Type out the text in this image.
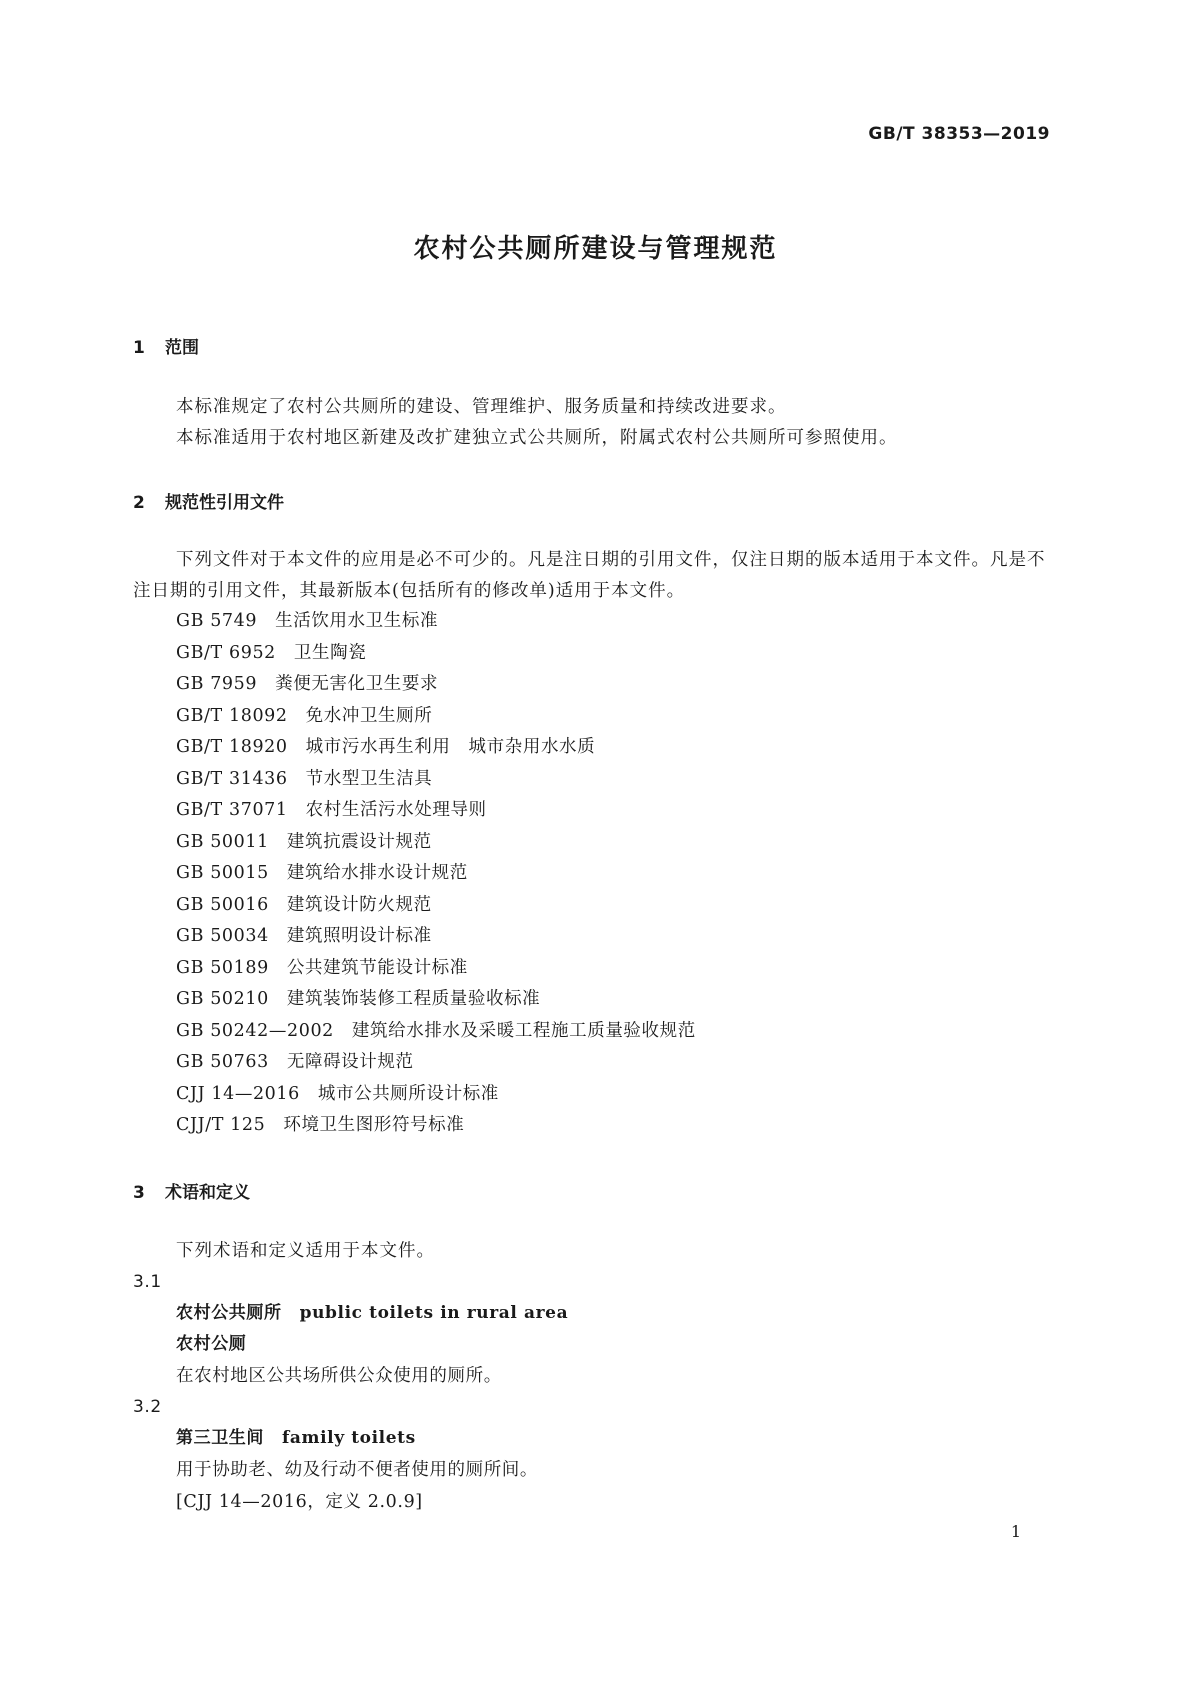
GB/T 38353—2019
农村公共厕所建设与管理规范
1 范围

本标准规定了农村公共厕所的建设、管理维护、服务质量和持续改进要求。

本标准适用于农村地区新建及改扩建独立式公共厕所，附属式农村公共厕所可参照使用。

2 规范性引用文件

下列文件对于本文件的应用是必不可少的。凡是注日期的引用文件，仅注日期的版本适用于本文件。凡是不注日期的引用文件，其最新版本(包括所有的修改单)适用于本文件。

GB 5749 生活饮用水卫生标准
GB/T 6952 卫生陶瓷
GB 7959 粪便无害化卫生要求
GB/T 18092 免水冲卫生厕所
GB/T 18920 城市污水再生利用　城市杂用水水质
GB/T 31436 节水型卫生洁具
GB/T 37071 农村生活污水处理导则
GB 50011 建筑抗震设计规范
GB 50015 建筑给水排水设计规范
GB 50016 建筑设计防火规范
GB 50034 建筑照明设计标准
GB 50189 公共建筑节能设计标准
GB 50210 建筑装饰装修工程质量验收标准
GB 50242—2002 建筑给水排水及采暖工程施工质量验收规范
GB 50763 无障碍设计规范
CJJ 14—2016 城市公共厕所设计标准
CJJ/T 125 环境卫生图形符号标准
3 术语和定义

下列术语和定义适用于本文件。

3.1
农村公共厕所 public toilets in rural area
农村公厕
在农村地区公共场所供公众使用的厕所。
3.2
第三卫生间 family toilets
用于协助老、幼及行动不便者使用的厕所间。
[CJJ 14—2016，定义 2.0.9]
1
